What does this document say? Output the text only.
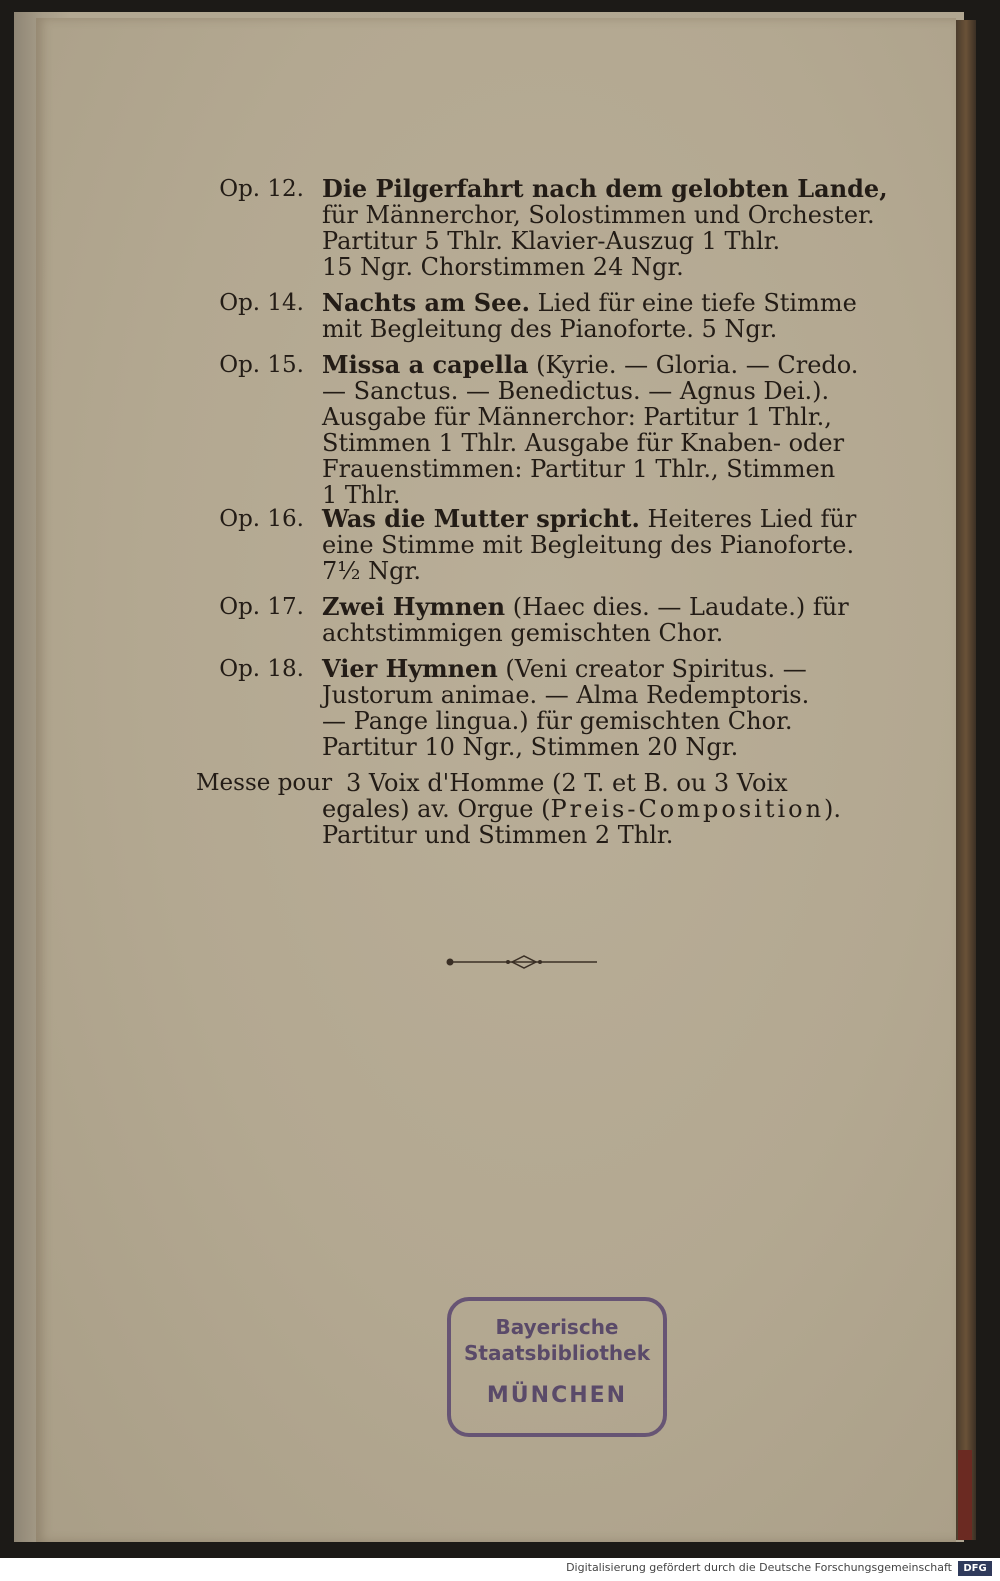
Op. 12. Die Pilgerfahrt nach dem gelobten Lande,
für Männerchor, Solostimmen und Orchester.
Partitur 5 Thlr. Klavier-Auszug 1 Thlr.
15 Ngr. Chorstimmen 24 Ngr.
Op. 14. Nachts am See. Lied für eine tiefe Stimme
mit Begleitung des Pianoforte. 5 Ngr.
Op. 15. Missa a capella (Kyrie. — Gloria. — Credo.
— Sanctus. — Benedictus. — Agnus Dei.).
Ausgabe für Männerchor: Partitur 1 Thlr.,
Stimmen 1 Thlr. Ausgabe für Knaben- oder
Frauenstimmen: Partitur 1 Thlr., Stimmen
1 Thlr.
Op. 16. Was die Mutter spricht. Heiteres Lied für
eine Stimme mit Begleitung des Pianoforte.
7½ Ngr.
Op. 17. Zwei Hymnen (Haec dies. — Laudate.) für
achtstimmigen gemischten Chor.
Op. 18. Vier Hymnen (Veni creator Spiritus. —
Justorum animae. — Alma Redemptoris.
— Pange lingua.) für gemischten Chor.
Partitur 10 Ngr., Stimmen 20 Ngr.
Messe pour 3 Voix d'Homme (2 T. et B. ou 3 Voix
egales) av. Orgue (Preis-Composition).
Partitur und Stimmen 2 Thlr.
Bayerische
Staatsbibliothek
MÜNCHEN
Digitalisierung gefördert durch die Deutsche Forschungsgemeinschaft	DFG
